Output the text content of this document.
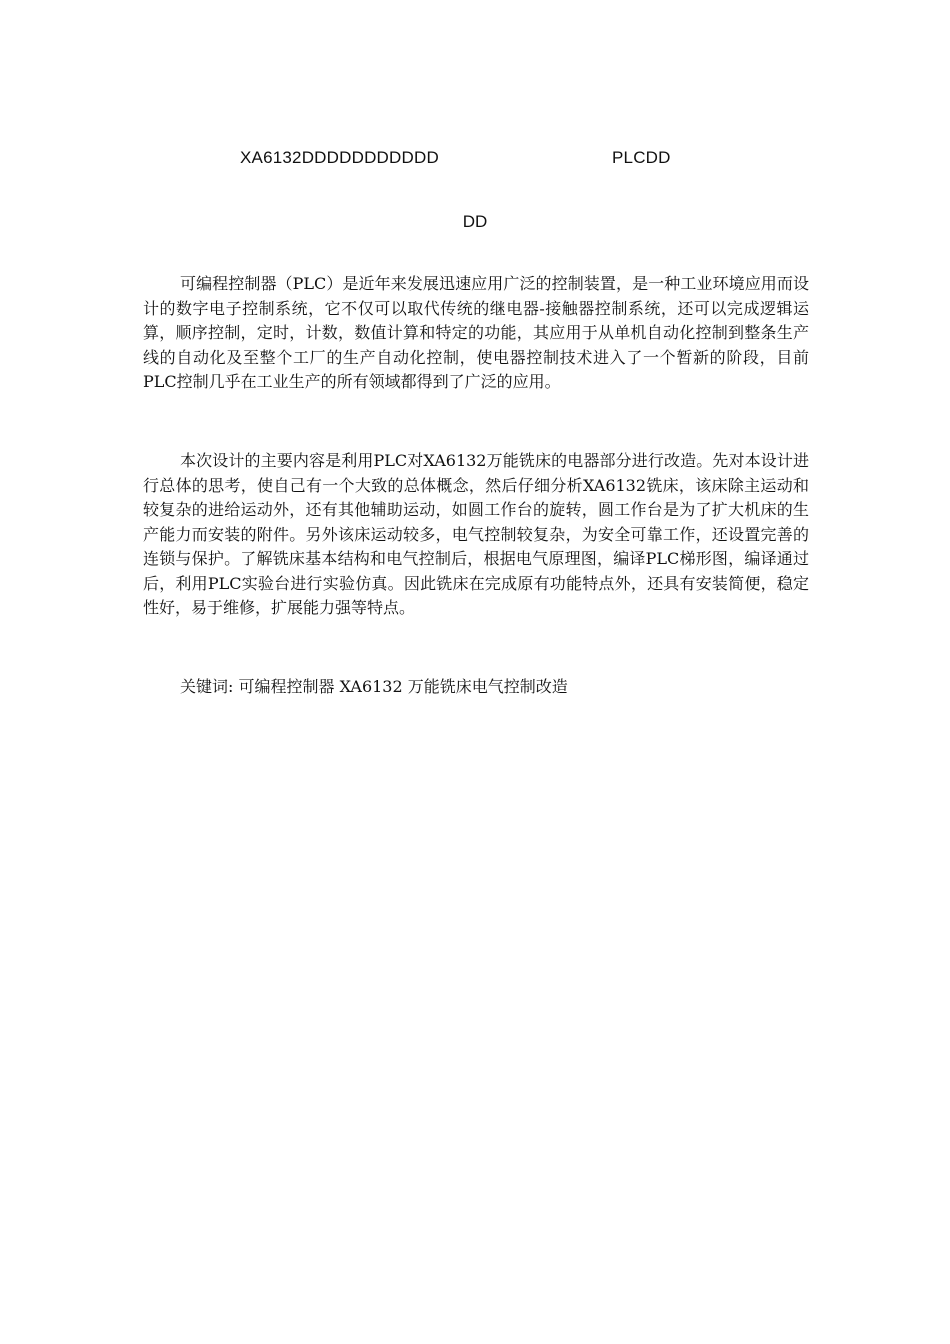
XA6132DDDDDDDDDDD	PLCDD
DD

可编程控制器（PLC）是近年来发展迅速应用广泛的控制装置，是一种工业环境应用而设计的数字电子控制系统，它不仅可以取代传统的继电器-接触器控制系统，还可以完成逻辑运算，顺序控制，定时，计数，数值计算和特定的功能，其应用于从单机自动化控制到整条生产线的自动化及至整个工厂的生产自动化控制，使电器控制技术进入了一个暂新的阶段，目前PLC控制几乎在工业生产的所有领域都得到了广泛的应用。

本次设计的主要内容是利用PLC对XA6132万能铣床的电器部分进行改造。先对本设计进行总体的思考，使自己有一个大致的总体概念，然后仔细分析XA6132铣床，该床除主运动和较复杂的进给运动外，还有其他辅助运动，如圆工作台的旋转，圆工作台是为了扩大机床的生产能力而安装的附件。另外该床运动较多，电气控制较复杂，为安全可靠工作，还设置完善的连锁与保护。了解铣床基本结构和电气控制后，根据电气原理图，编译PLC梯形图，编译通过后，利用PLC实验台进行实验仿真。因此铣床在完成原有功能特点外，还具有安装简便，稳定性好，易于维修，扩展能力强等特点。

关键词: 可编程控制器 XA6132 万能铣床电气控制改造
